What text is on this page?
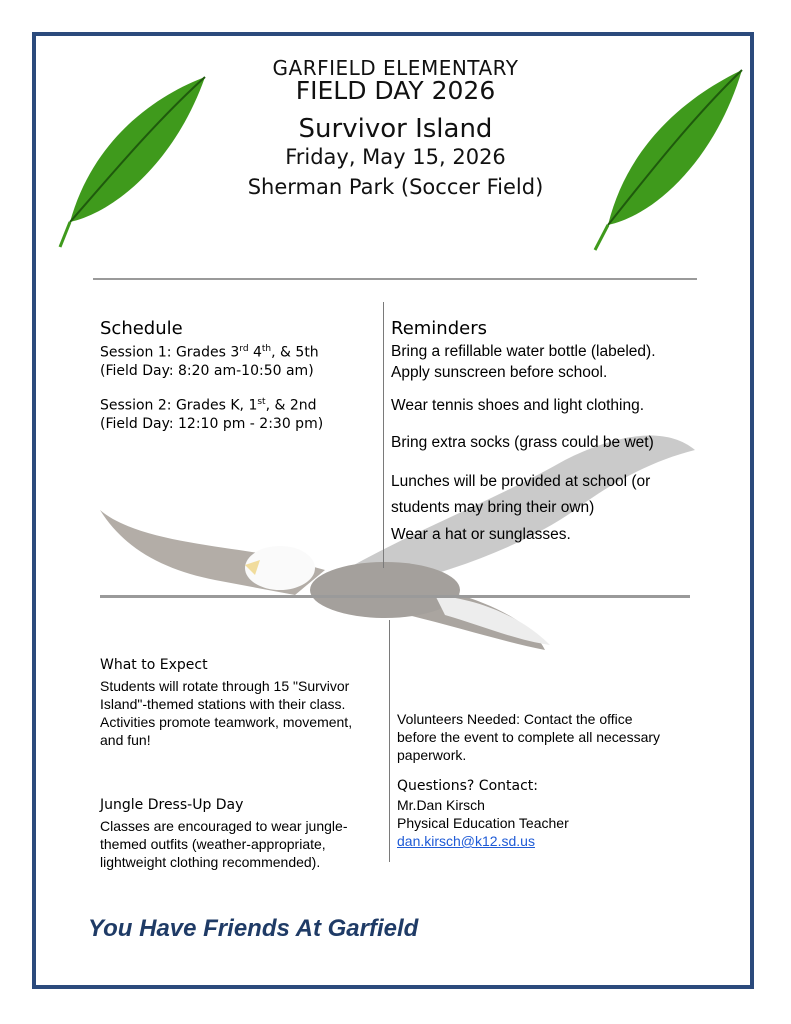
GARFIELD ELEMENTARY
FIELD DAY 2026
Survivor Island
Friday, May 15, 2026
Sherman Park (Soccer Field)
Schedule
Session 1: Grades 3rd 4th, & 5th
(Field Day: 8:20 am-10:50 am)
Session 2: Grades K, 1st, & 2nd
(Field Day: 12:10 pm - 2:30 pm)
Reminders
Bring a refillable water bottle (labeled).
Apply sunscreen before school.
Wear tennis shoes and light clothing.
Bring extra socks (grass could be wet)
Lunches will be provided at school (or
students may bring their own)
Wear a hat or sunglasses.
What to Expect
Students will rotate through 15 "Survivor
Island"-themed stations with their class.
Activities promote teamwork, movement,
and fun!
Jungle Dress-Up Day
Classes are encouraged to wear jungle-
themed outfits (weather-appropriate,
lightweight clothing recommended).
Volunteers Needed: Contact the office
before the event to complete all necessary
paperwork.
Questions? Contact:
Mr.Dan Kirsch
Physical Education Teacher
dan.kirsch@k12.sd.us
You Have Friends At Garfield
